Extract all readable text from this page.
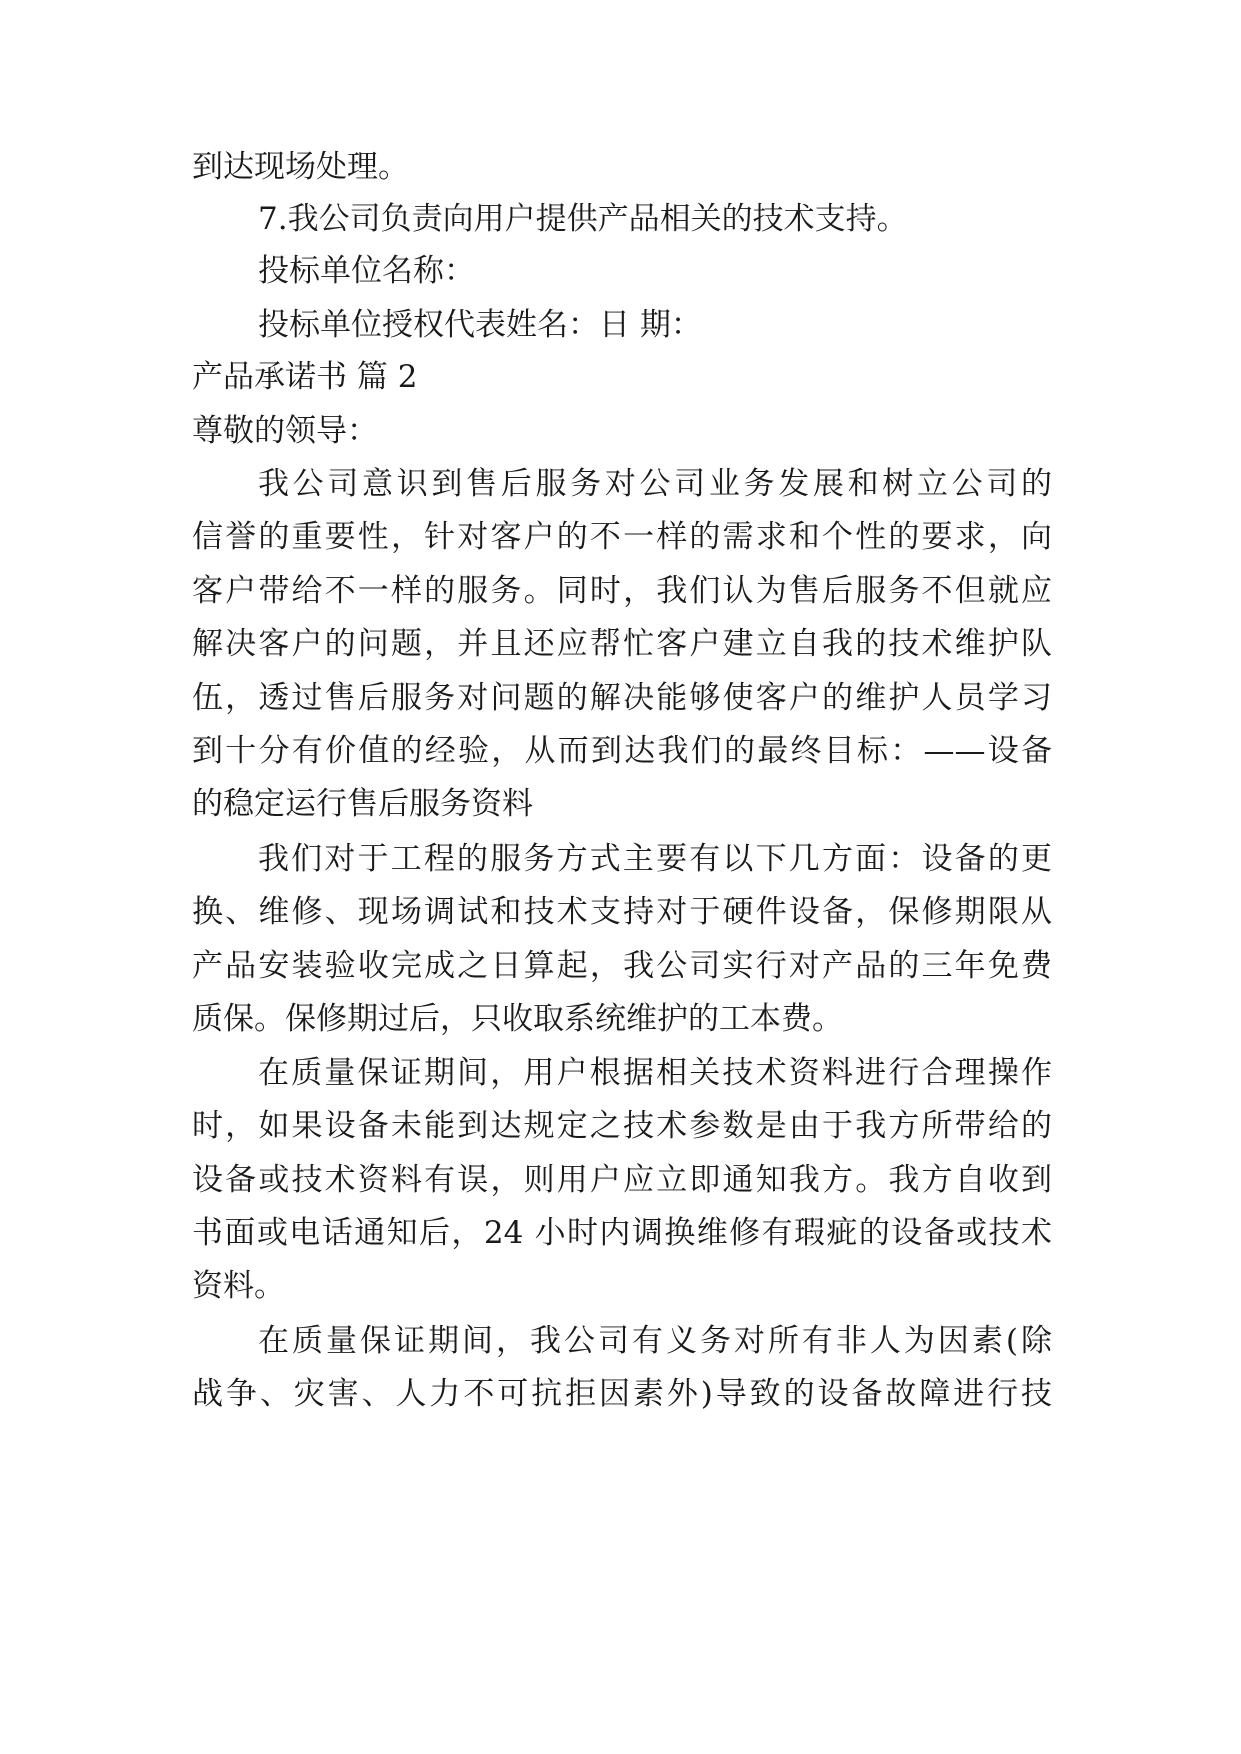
到达现场处理。
7.我公司负责向用户提供产品相关的技术支持。
投标单位名称：
投标单位授权代表姓名：日 期：
产品承诺书 篇 2
尊敬的领导：
我公司意识到售后服务对公司业务发展和树立公司的
信誉的重要性，针对客户的不一样的需求和个性的要求，向
客户带给不一样的服务。同时，我们认为售后服务不但就应
解决客户的问题，并且还应帮忙客户建立自我的技术维护队
伍，透过售后服务对问题的解决能够使客户的维护人员学习
到十分有价值的经验，从而到达我们的最终目标：——设备
的稳定运行售后服务资料
我们对于工程的服务方式主要有以下几方面：设备的更
换、维修、现场调试和技术支持对于硬件设备，保修期限从
产品安装验收完成之日算起，我公司实行对产品的三年免费
质保。保修期过后，只收取系统维护的工本费。
在质量保证期间，用户根据相关技术资料进行合理操作
时，如果设备未能到达规定之技术参数是由于我方所带给的
设备或技术资料有误，则用户应立即通知我方。我方自收到
书面或电话通知后，24 小时内调换维修有瑕疵的设备或技术
资料。
在质量保证期间，我公司有义务对所有非人为因素(除
战争、灾害、人力不可抗拒因素外)导致的设备故障进行技
